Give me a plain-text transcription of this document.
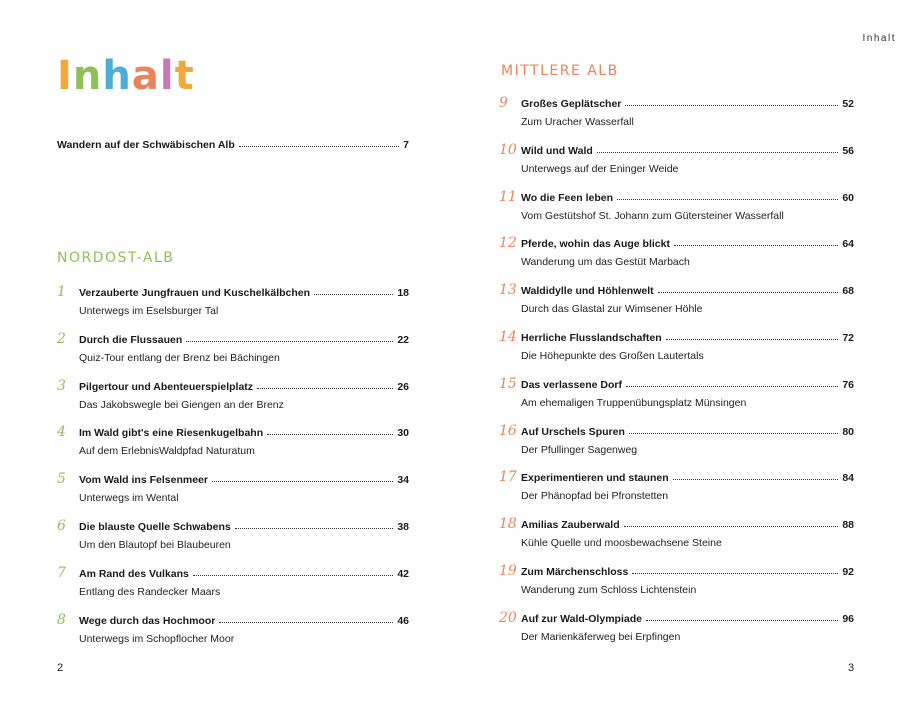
Inhalt
Wandern auf der Schwäbischen Alb	7
NORDOST-ALB
1	Verzauberte Jungfrauen und Kuschelkälbchen	18
Unterwegs im Eselsburger Tal
2	Durch die Flussauen	22
Quiz-Tour entlang der Brenz bei Bächingen
3	Pilgertour und Abenteuerspielplatz	26
Das Jakobswegle bei Giengen an der Brenz
4	Im Wald gibt's eine Riesenkugelbahn	30
Auf dem ErlebnisWaldpfad Naturatum
5	Vom Wald ins Felsenmeer	34
Unterwegs im Wental
6	Die blauste Quelle Schwabens	38
Um den Blautopf bei Blaubeuren
7	Am Rand des Vulkans	42
Entlang des Randecker Maars
8	Wege durch das Hochmoor	46
Unterwegs im Schopflocher Moor
2
Inhalt
MITTLERE ALB
9	Großes Geplätscher	52
Zum Uracher Wasserfall
10 Wild und Wald	56
Unterwegs auf der Eninger Weide
11 Wo die Feen leben	60
Vom Gestütshof St. Johann zum Gütersteiner Wasserfall
12 Pferde, wohin das Auge blickt	64
Wanderung um das Gestüt Marbach
13 Waldidylle und Höhlenwelt	68
Durch das Glastal zur Wimsener Höhle
14 Herrliche Flusslandschaften	72
Die Höhepunkte des Großen Lautertals
15 Das verlassene Dorf	76
Am ehemaligen Truppenübungsplatz Münsingen
16 Auf Urschels Spuren	80
Der Pfullinger Sagenweg
17 Experimentieren und staunen	84
Der Phänopfad bei Pfronstetten
18 Amilias Zauberwald	88
Kühle Quelle und moosbewachsene Steine
19 Zum Märchenschloss	92
Wanderung zum Schloss Lichtenstein
20 Auf zur Wald-Olympiade	96
Der Marienkäferweg bei Erpfingen
3
